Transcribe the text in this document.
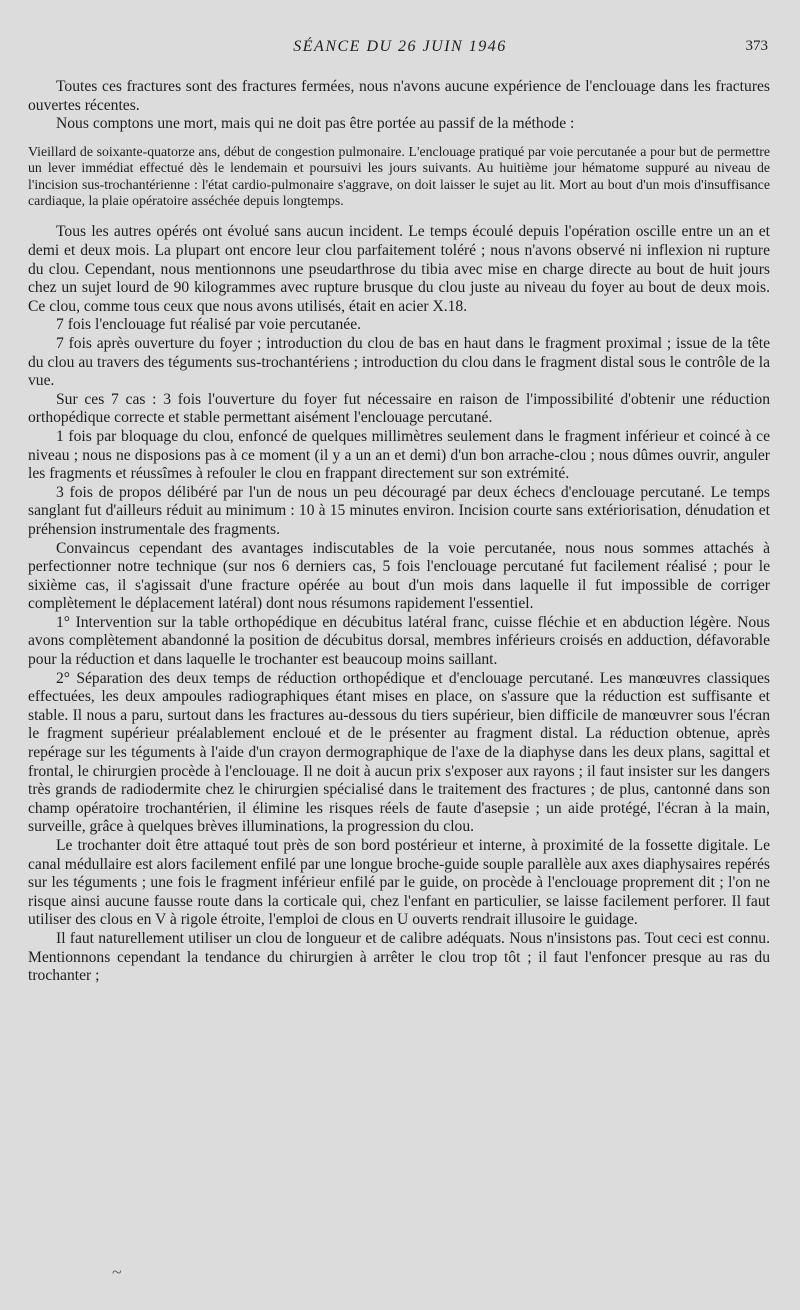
SÉANCE DU 26 JUIN 1946	373

Toutes ces fractures sont des fractures fermées, nous n'avons aucune expérience de l'enclouage dans les fractures ouvertes récentes.

Nous comptons une mort, mais qui ne doit pas être portée au passif de la méthode :

Vieillard de soixante-quatorze ans, début de congestion pulmonaire. L'enclouage pratiqué par voie percutanée a pour but de permettre un lever immédiat effectué dès le lendemain et poursuivi les jours suivants. Au huitième jour hématome suppuré au niveau de l'incision sus-trochantérienne : l'état cardio-pulmonaire s'aggrave, on doit laisser le sujet au lit. Mort au bout d'un mois d'insuffisance cardiaque, la plaie opératoire asséchée depuis longtemps.

Tous les autres opérés ont évolué sans aucun incident. Le temps écoulé depuis l'opération oscille entre un an et demi et deux mois. La plupart ont encore leur clou parfaitement toléré ; nous n'avons observé ni inflexion ni rupture du clou. Cependant, nous mentionnons une pseudarthrose du tibia avec mise en charge directe au bout de huit jours chez un sujet lourd de 90 kilogrammes avec rupture brusque du clou juste au niveau du foyer au bout de deux mois. Ce clou, comme tous ceux que nous avons utilisés, était en acier X.18.

7 fois l'enclouage fut réalisé par voie percutanée.

7 fois après ouverture du foyer ; introduction du clou de bas en haut dans le fragment proximal ; issue de la tête du clou au travers des téguments sus-trochantériens ; introduction du clou dans le fragment distal sous le contrôle de la vue.

Sur ces 7 cas : 3 fois l'ouverture du foyer fut nécessaire en raison de l'impossibilité d'obtenir une réduction orthopédique correcte et stable permettant aisément l'enclouage percutané.

1 fois par bloquage du clou, enfoncé de quelques millimètres seulement dans le fragment inférieur et coincé à ce niveau ; nous ne disposions pas à ce moment (il y a un an et demi) d'un bon arrache-clou ; nous dûmes ouvrir, anguler les fragments et réussîmes à refouler le clou en frappant directement sur son extrémité.

3 fois de propos délibéré par l'un de nous un peu découragé par deux échecs d'enclouage percutané. Le temps sanglant fut d'ailleurs réduit au minimum : 10 à 15 minutes environ. Incision courte sans extériorisation, dénudation et préhension instrumentale des fragments.

Convaincus cependant des avantages indiscutables de la voie percutanée, nous nous sommes attachés à perfectionner notre technique (sur nos 6 derniers cas, 5 fois l'enclouage percutané fut facilement réalisé ; pour le sixième cas, il s'agissait d'une fracture opérée au bout d'un mois dans laquelle il fut impossible de corriger complètement le déplacement latéral) dont nous résumons rapidement l'essentiel.

1° Intervention sur la table orthopédique en décubitus latéral franc, cuisse fléchie et en abduction légère. Nous avons complètement abandonné la position de décubitus dorsal, membres inférieurs croisés en adduction, défavorable pour la réduction et dans laquelle le trochanter est beaucoup moins saillant.

2° Séparation des deux temps de réduction orthopédique et d'enclouage percutané. Les manœuvres classiques effectuées, les deux ampoules radiographiques étant mises en place, on s'assure que la réduction est suffisante et stable. Il nous a paru, surtout dans les fractures au-dessous du tiers supérieur, bien difficile de manœuvrer sous l'écran le fragment supérieur préalablement encloué et de le présenter au fragment distal. La réduction obtenue, après repérage sur les téguments à l'aide d'un crayon dermographique de l'axe de la diaphyse dans les deux plans, sagittal et frontal, le chirurgien procède à l'enclouage. Il ne doit à aucun prix s'exposer aux rayons ; il faut insister sur les dangers très grands de radiodermite chez le chirurgien spécialisé dans le traitement des fractures ; de plus, cantonné dans son champ opératoire trochantérien, il élimine les risques réels de faute d'asepsie ; un aide protégé, l'écran à la main, surveille, grâce à quelques brèves illuminations, la progression du clou.

Le trochanter doit être attaqué tout près de son bord postérieur et interne, à proximité de la fossette digitale. Le canal médullaire est alors facilement enfilé par une longue broche-guide souple parallèle aux axes diaphysaires repérés sur les téguments ; une fois le fragment inférieur enfilé par le guide, on procède à l'enclouage proprement dit ; l'on ne risque ainsi aucune fausse route dans la corticale qui, chez l'enfant en particulier, se laisse facilement perforer. Il faut utiliser des clous en V à rigole étroite, l'emploi de clous en U ouverts rendrait illusoire le guidage.

Il faut naturellement utiliser un clou de longueur et de calibre adéquats. Nous n'insistons pas. Tout ceci est connu. Mentionnons cependant la tendance du chirurgien à arrêter le clou trop tôt ; il faut l'enfoncer presque au ras du trochanter ;

~
